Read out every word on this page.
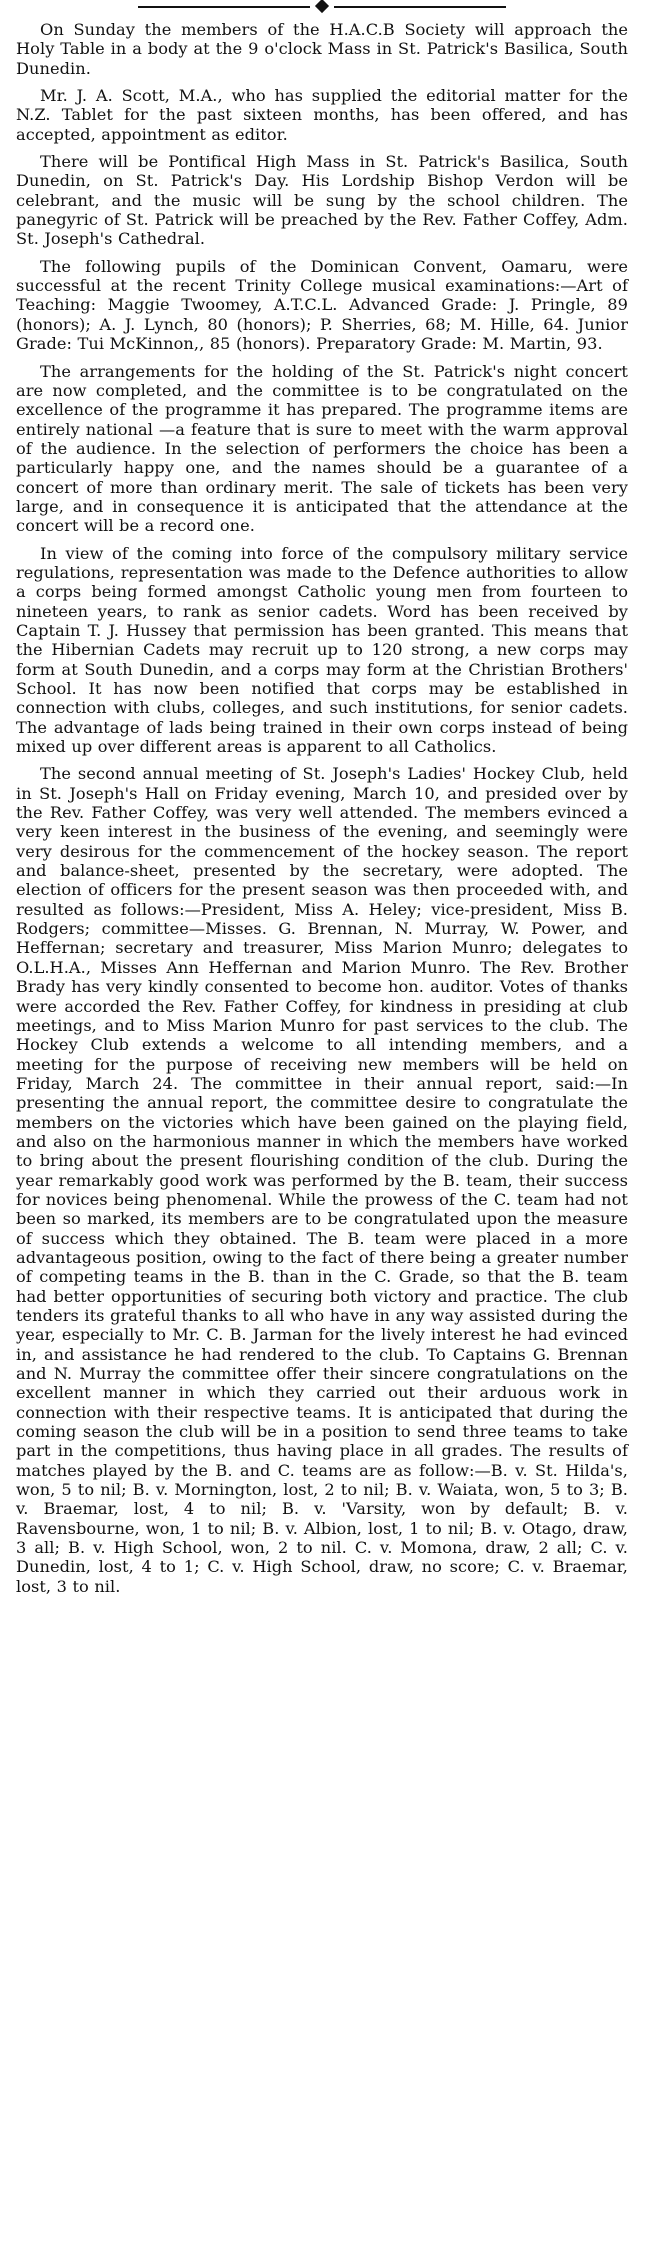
On Sunday the members of the H.A.C.B Society will approach the Holy Table in a body at the 9 o'clock Mass in St. Patrick's Basilica, South Dunedin.

Mr. J. A. Scott, M.A., who has supplied the editorial matter for the N.Z. Tablet for the past sixteen months, has been offered, and has accepted, appointment as editor.

There will be Pontifical High Mass in St. Patrick's Basilica, South Dunedin, on St. Patrick's Day. His Lordship Bishop Verdon will be celebrant, and the music will be sung by the school children. The panegyric of St. Patrick will be preached by the Rev. Father Coffey, Adm. St. Joseph's Cathedral.

The following pupils of the Dominican Convent, Oamaru, were successful at the recent Trinity College musical examinations:—Art of Teaching: Maggie Twoomey, A.T.C.L. Advanced Grade: J. Pringle, 89 (honors); A. J. Lynch, 80 (honors); P. Sherries, 68; M. Hille, 64. Junior Grade: Tui McKinnon,, 85 (honors). Preparatory Grade: M. Martin, 93.

The arrangements for the holding of the St. Patrick's night concert are now completed, and the committee is to be congratulated on the excellence of the programme it has prepared. The programme items are entirely national —a feature that is sure to meet with the warm approval of the audience. In the selection of performers the choice has been a particularly happy one, and the names should be a guarantee of a concert of more than ordinary merit. The sale of tickets has been very large, and in consequence it is anticipated that the attendance at the concert will be a record one.

In view of the coming into force of the compulsory military service regulations, representation was made to the Defence authorities to allow a corps being formed amongst Catholic young men from fourteen to nineteen years, to rank as senior cadets. Word has been received by Captain T. J. Hussey that permission has been granted. This means that the Hibernian Cadets may recruit up to 120 strong, a new corps may form at South Dunedin, and a corps may form at the Christian Brothers' School. It has now been notified that corps may be established in connection with clubs, colleges, and such institutions, for senior cadets. The advantage of lads being trained in their own corps instead of being mixed up over different areas is apparent to all Catholics.

The second annual meeting of St. Joseph's Ladies' Hockey Club, held in St. Joseph's Hall on Friday evening, March 10, and presided over by the Rev. Father Coffey, was very well attended. The members evinced a very keen interest in the business of the evening, and seemingly were very desirous for the commencement of the hockey season. The report and balance-sheet, presented by the secretary, were adopted. The election of officers for the present season was then proceeded with, and resulted as follows:—President, Miss A. Heley; vice-president, Miss B. Rodgers; committee—Misses. G. Brennan, N. Murray, W. Power, and Heffernan; secretary and treasurer, Miss Marion Munro; delegates to O.L.H.A., Misses Ann Heffernan and Marion Munro. The Rev. Brother Brady has very kindly consented to become hon. auditor. Votes of thanks were accorded the Rev. Father Coffey, for kindness in presiding at club meetings, and to Miss Marion Munro for past services to the club. The Hockey Club extends a welcome to all intending members, and a meeting for the purpose of receiving new members will be held on Friday, March 24. The committee in their annual report, said:—In presenting the annual report, the committee desire to congratulate the members on the victories which have been gained on the playing field, and also on the harmonious manner in which the members have worked to bring about the present flourishing condition of the club. During the year remarkably good work was performed by the B. team, their success for novices being phenomenal. While the prowess of the C. team had not been so marked, its members are to be congratulated upon the measure of success which they obtained. The B. team were placed in a more advantageous position, owing to the fact of there being a greater number of competing teams in the B. than in the C. Grade, so that the B. team had better opportunities of securing both victory and practice. The club tenders its grateful thanks to all who have in any way assisted during the year, especially to Mr. C. B. Jarman for the lively interest he had evinced in, and assistance he had rendered to the club. To Captains G. Brennan and N. Murray the committee offer their sincere congratulations on the excellent manner in which they carried out their arduous work in connection with their respective teams. It is anticipated that during the coming season the club will be in a position to send three teams to take part in the competitions, thus having place in all grades. The results of matches played by the B. and C. teams are as follow:—B. v. St. Hilda's, won, 5 to nil; B. v. Mornington, lost, 2 to nil; B. v. Waiata, won, 5 to 3; B. v. Braemar, lost, 4 to nil; B. v. 'Varsity, won by default; B. v. Ravensbourne, won, 1 to nil; B. v. Albion, lost, 1 to nil; B. v. Otago, draw, 3 all; B. v. High School, won, 2 to nil. C. v. Momona, draw, 2 all; C. v. Dunedin, lost, 4 to 1; C. v. High School, draw, no score; C. v. Braemar, lost, 3 to nil.
